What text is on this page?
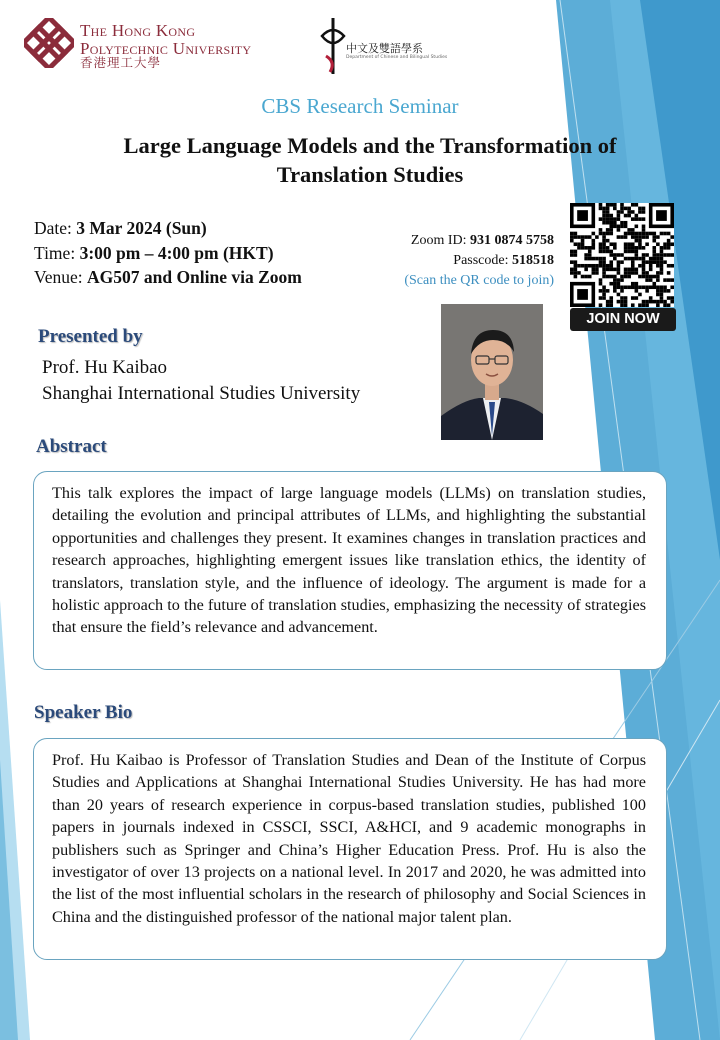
The Hong Kong
Polytechnic University
香港理工大學
中文及雙語學系
Department of Chinese and Bilingual Studies
CBS Research Seminar
Large Language Models and the Transformation of
Translation Studies
Date: 3 Mar 2024 (Sun)
Time: 3:00 pm – 4:00 pm (HKT)
Venue: AG507 and Online via Zoom
Zoom ID: 931 0874 5758
Passcode: 518518
(Scan the QR code to join)
JOIN NOW
Presented by
Prof. Hu Kaibao
Shanghai International Studies University
Abstract

This talk explores the impact of large language models (LLMs) on translation studies, detailing the evolution and principal attributes of LLMs, and highlighting the substantial opportunities and challenges they present. It examines changes in translation practices and research approaches, highlighting emergent issues like translation ethics, the identity of translators, translation style, and the influence of ideology. The argument is made for a holistic approach to the future of translation studies, emphasizing the necessity of strategies that ensure the field’s relevance and advancement.

Speaker Bio

Prof. Hu Kaibao is Professor of Translation Studies and Dean of the Institute of Corpus Studies and Applications at Shanghai International Studies University. He has had more than 20 years of research experience in corpus-based translation studies, published 100 papers in journals indexed in CSSCI, SSCI, A&HCI, and 9 academic monographs in publishers such as Springer and China’s Higher Education Press. Prof. Hu is also the investigator of over 13 projects on a national level. In 2017 and 2020, he was admitted into the list of the most influential scholars in the research of philosophy and Social Sciences in China and the distinguished professor of the national major talent plan.
